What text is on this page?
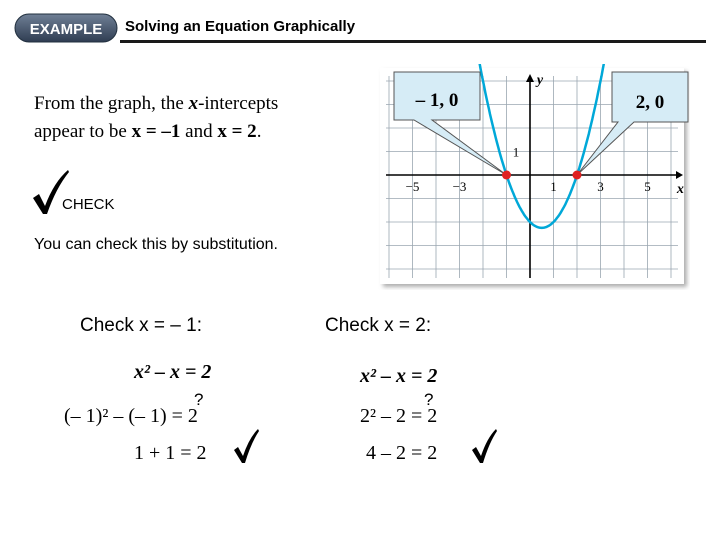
EXAMPLE Solving an Equation Graphically
From the graph, the x-intercepts
appear to be x = –1 and x = 2.
CHECK
You can check this by substitution.
−5	−3	1	3	5
1
x
y
– 1, 0	2, 0
Check x = – 1:
x² – x = 2
(– 1)² – (– 1) = 2
?
1 + 1 = 2
Check x = 2:
x² – x = 2
2² – 2 = 2
?
4 – 2 = 2
